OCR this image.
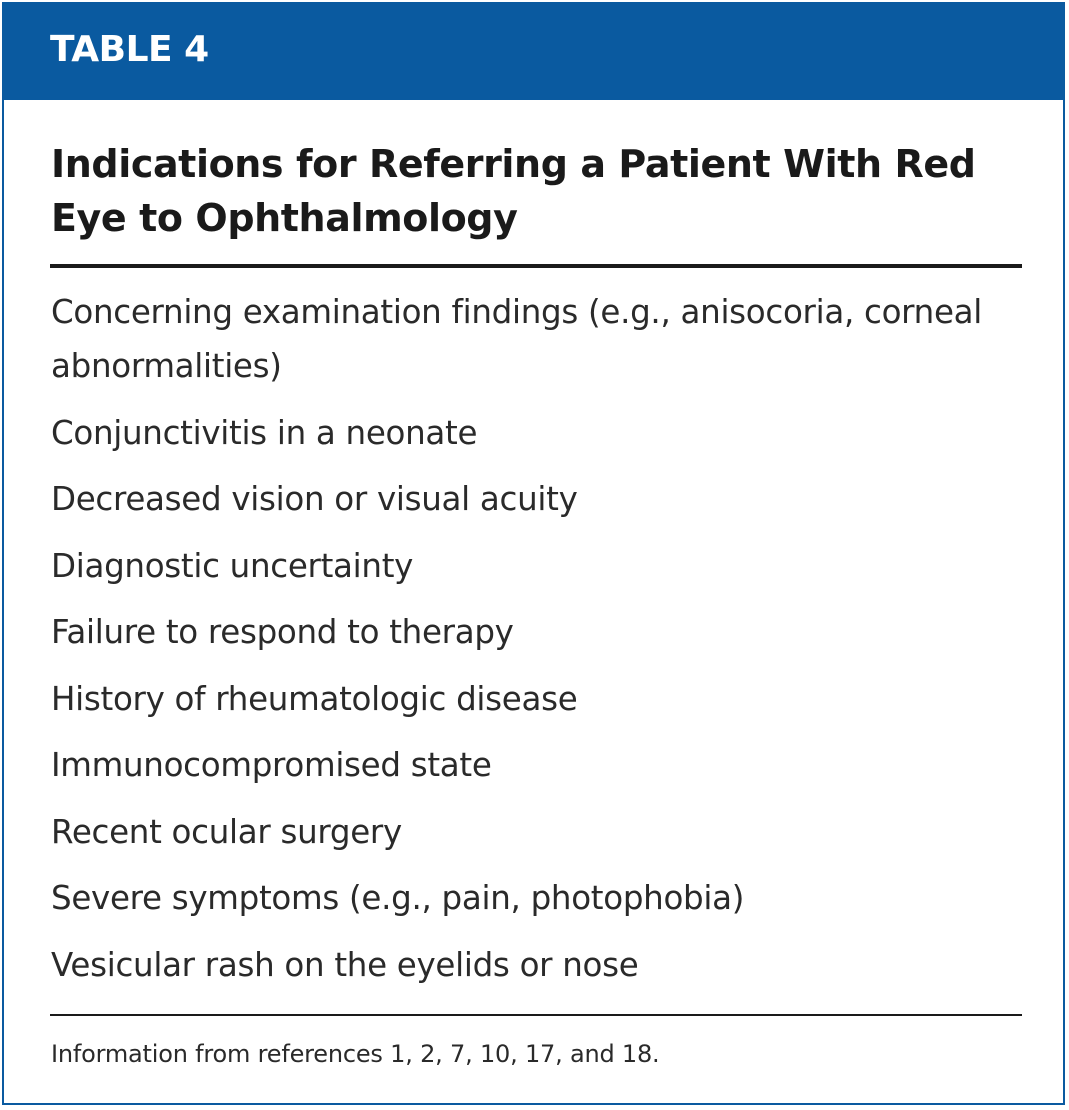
TABLE 4
Indications for Referring a Patient With Red Eye to Ophthalmology
Concerning examination findings (e.g., anisocoria, corneal abnormalities)
Conjunctivitis in a neonate
Decreased vision or visual acuity
Diagnostic uncertainty
Failure to respond to therapy
History of rheumatologic disease
Immunocompromised state
Recent ocular surgery
Severe symptoms (e.g., pain, photophobia)
Vesicular rash on the eyelids or nose
Information from references 1, 2, 7, 10, 17, and 18.
